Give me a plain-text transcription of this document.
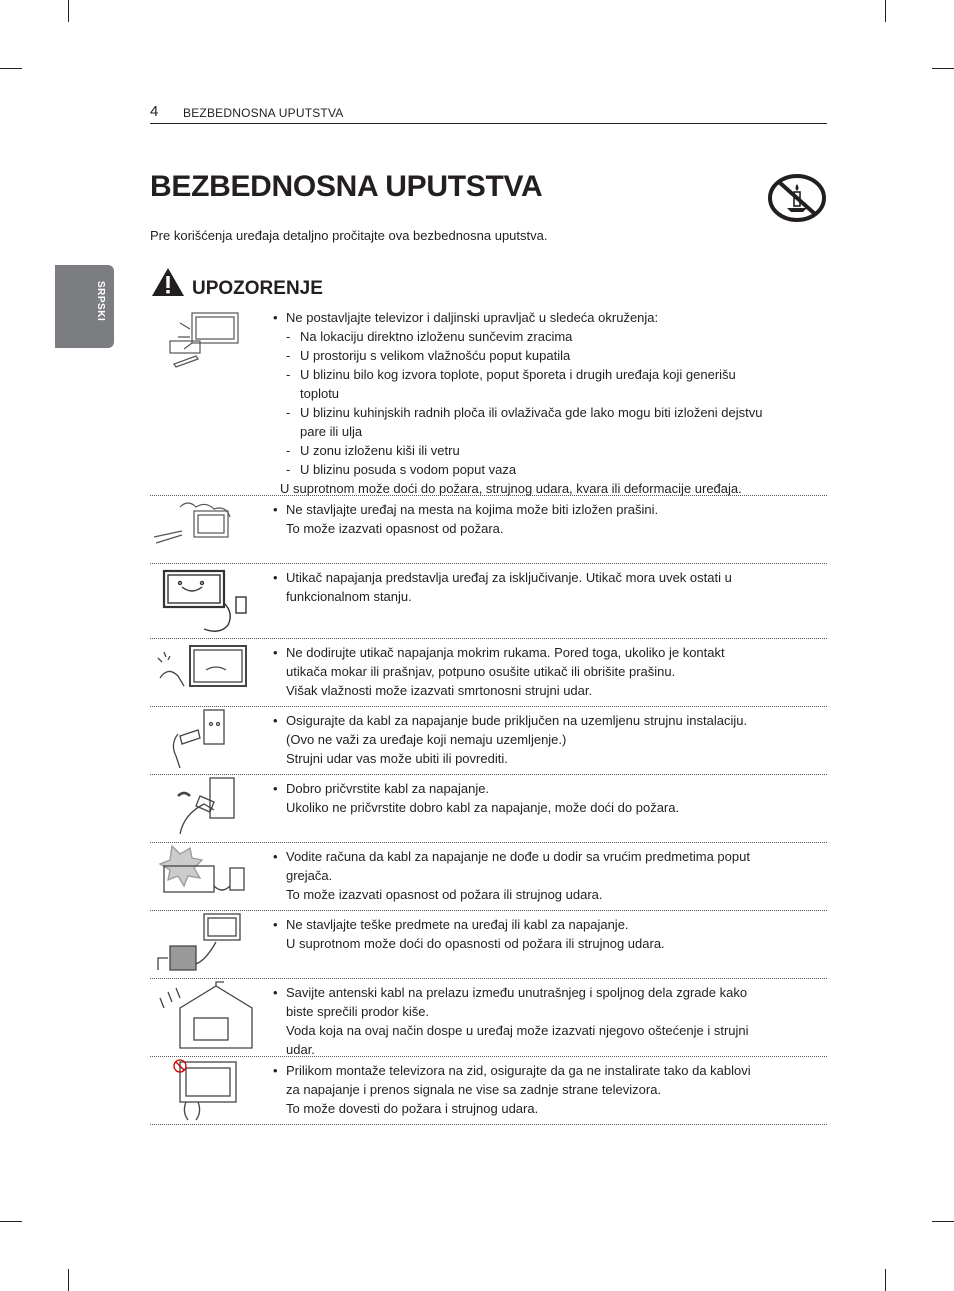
4 BEZBEDNOSNA UPUTSTVA
SRPSKI
BEZBEDNOSNA UPUTSTVA
Pre korišćenja uređaja detaljno pročitajte ova bezbednosna uputstva.
UPOZORENJE
• Ne postavljajte televizor i daljinski upravljač u sledeća okruženja:
- Na lokaciju direktno izloženu sunčevim zracima
- U prostoriju s velikom vlažnošću poput kupatila
- U blizinu bilo kog izvora toplote, poput šporeta i drugih uređaja koji generišu
toplotu
- U blizinu kuhinjskih radnih ploča ili ovlaživača gde lako mogu biti izloženi dejstvu
pare ili ulja
- U zonu izloženu kiši ili vetru
- U blizinu posuda s vodom poput vaza
U suprotnom može doći do požara, strujnog udara, kvara ili deformacije uređaja.
• Ne stavljajte uređaj na mesta na kojima može biti izložen prašini.
To može izazvati opasnost od požara.
• Utikač napajanja predstavlja uređaj za isključivanje. Utikač mora uvek ostati u
funkcionalnom stanju.
• Ne dodirujte utikač napajanja mokrim rukama. Pored toga, ukoliko je kontakt
utikača mokar ili prašnjav, potpuno osušite utikač ili obrišite prašinu.
Višak vlažnosti može izazvati smrtonosni strujni udar.
• Osigurajte da kabl za napajanje bude priključen na uzemljenu strujnu instalaciju.
(Ovo ne važi za uređaje koji nemaju uzemljenje.)
Strujni udar vas može ubiti ili povrediti.
• Dobro pričvrstite kabl za napajanje.
Ukoliko ne pričvrstite dobro kabl za napajanje, može doći do požara.
• Vodite računa da kabl za napajanje ne dođe u dodir sa vrućim predmetima poput
grejača.
To može izazvati opasnost od požara ili strujnog udara.
• Ne stavljajte teške predmete na uređaj ili kabl za napajanje.
U suprotnom može doći do opasnosti od požara ili strujnog udara.
• Savijte antenski kabl na prelazu između unutrašnjeg i spoljnog dela zgrade kako
biste sprečili prodor kiše.
Voda koja na ovaj način dospe u uređaj može izazvati njegovo oštećenje i strujni
udar.
• Prilikom montaže televizora na zid, osigurajte da ga ne instalirate tako da kablovi
za napajanje i prenos signala ne vise sa zadnje strane televizora.
To može dovesti do požara i strujnog udara.
